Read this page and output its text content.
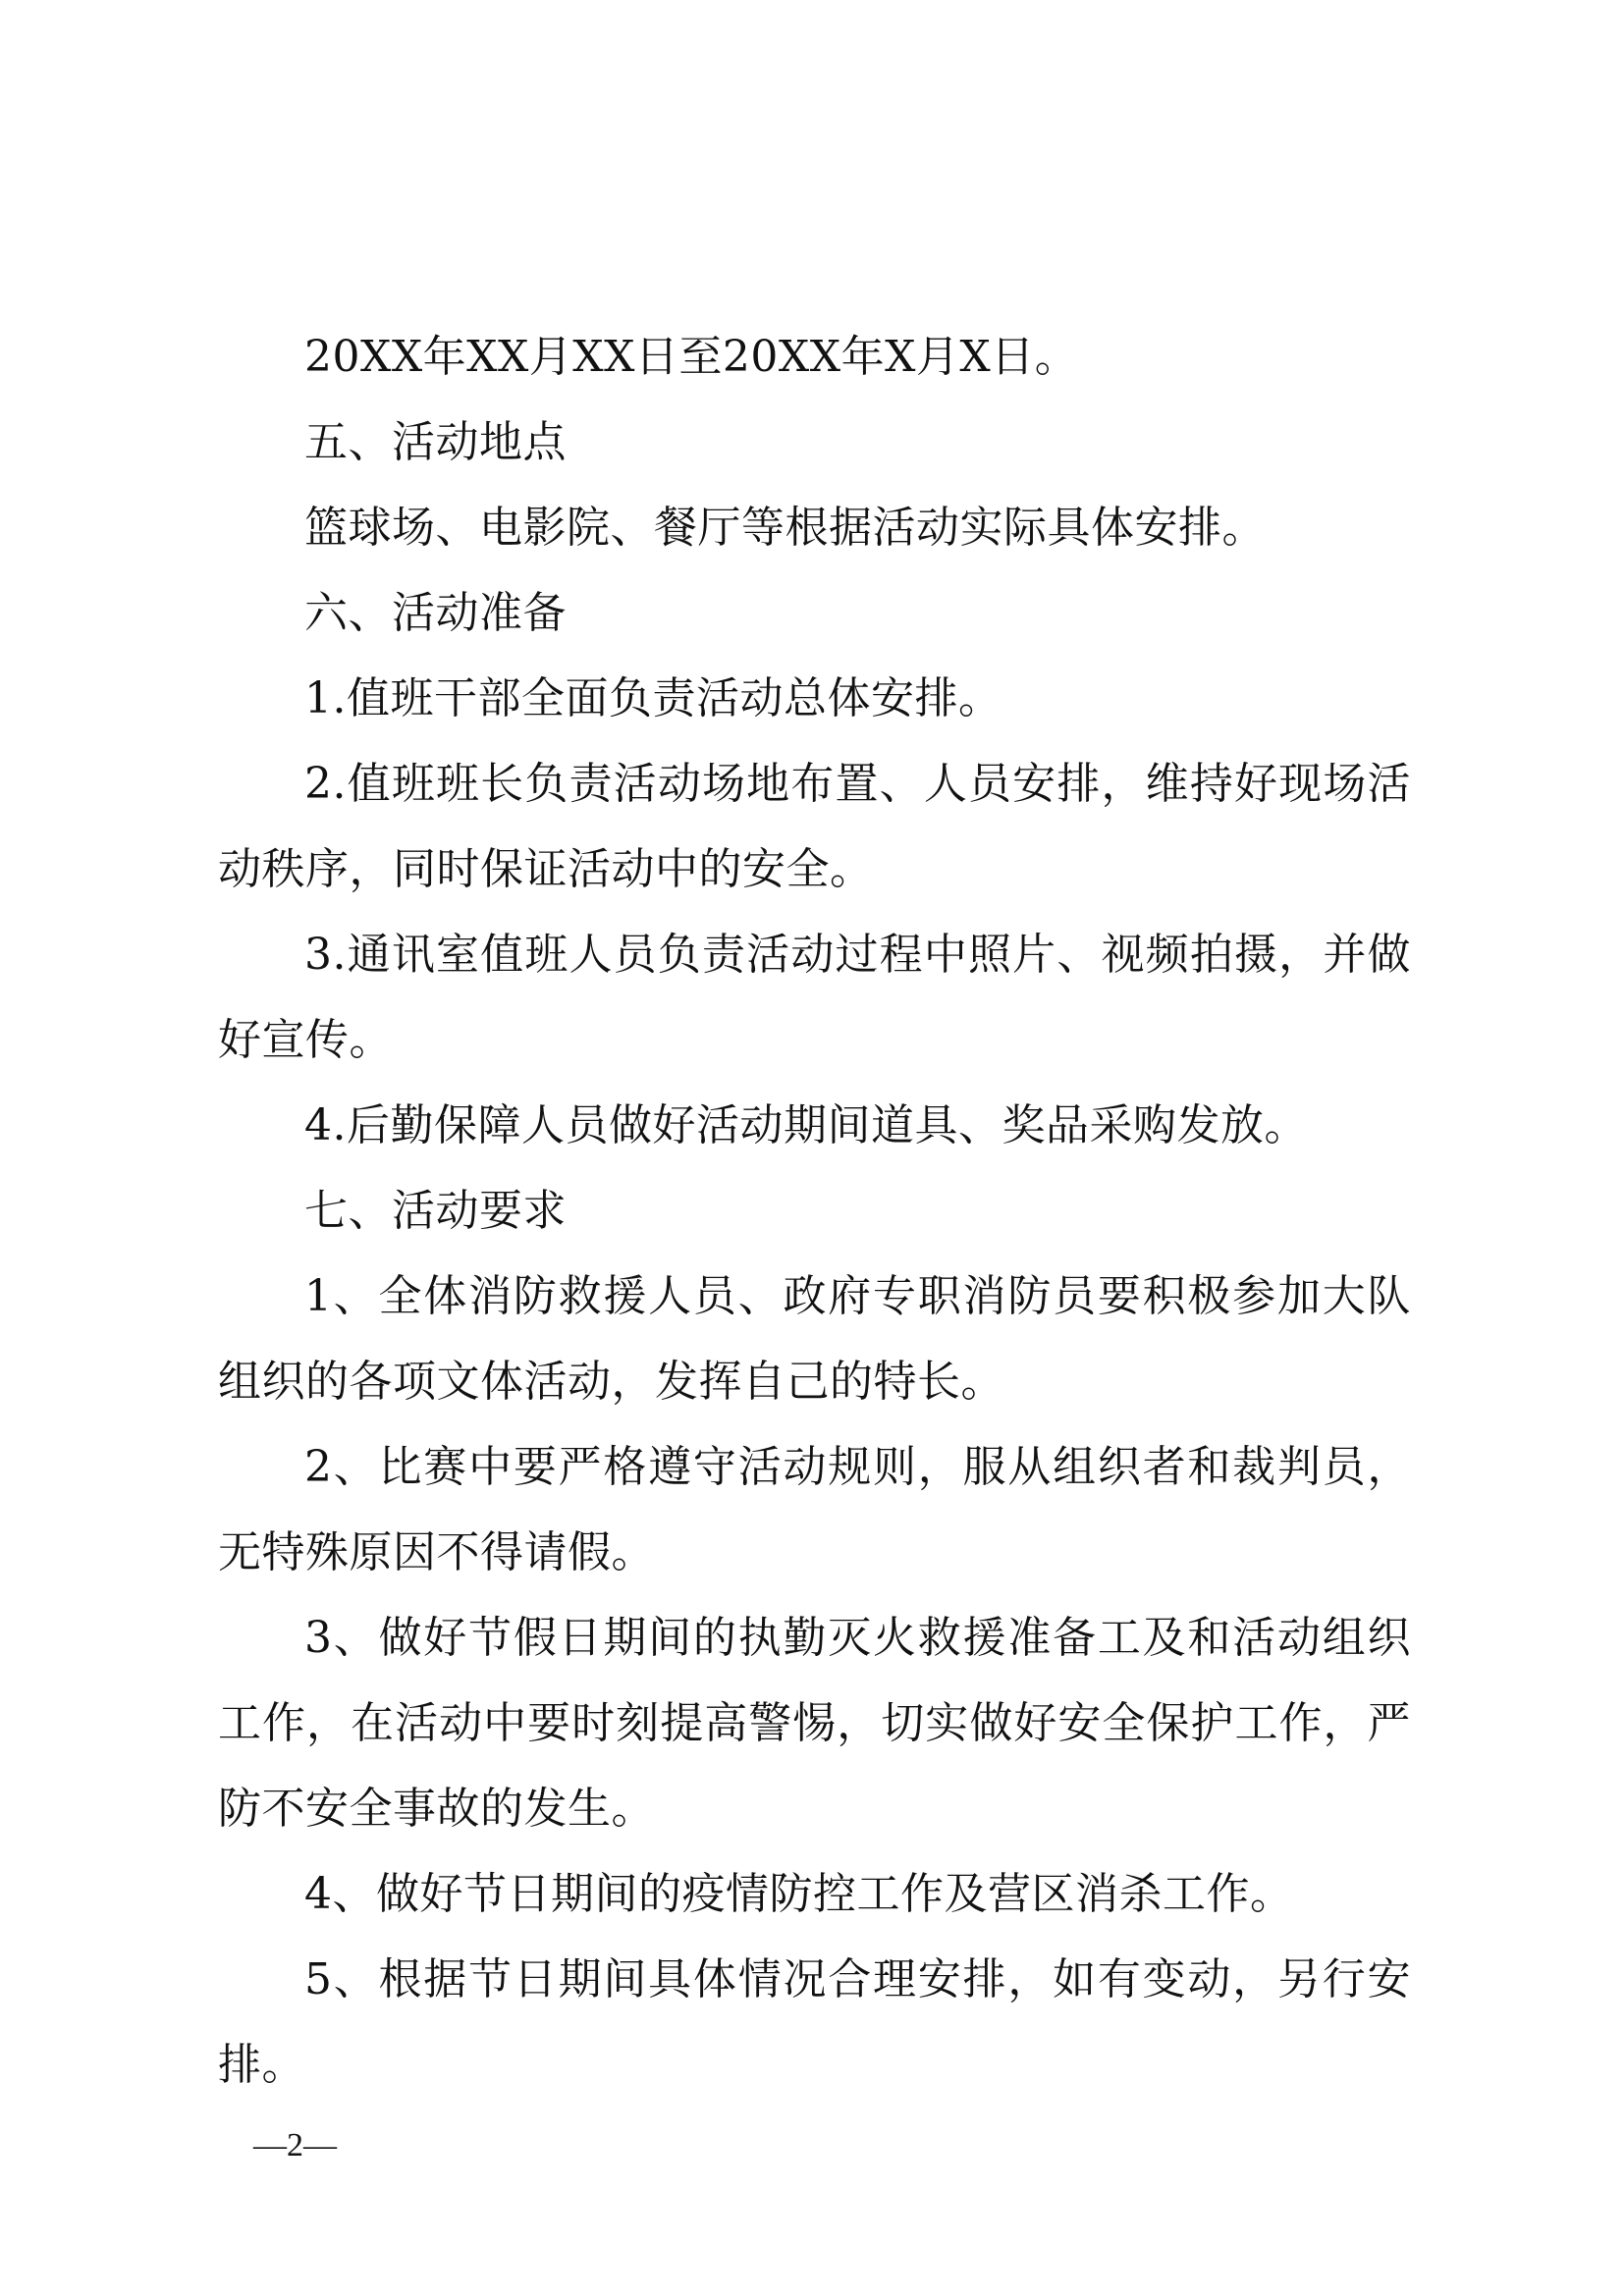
20XX年XX月XX日至20XX年X月X日。

五、活动地点

篮球场、电影院、餐厅等根据活动实际具体安排。

六、活动准备

1.值班干部全面负责活动总体安排。

2.值班班长负责活动场地布置、人员安排，维持好现场活动秩序，同时保证活动中的安全。

3.通讯室值班人员负责活动过程中照片、视频拍摄，并做好宣传。

4.后勤保障人员做好活动期间道具、奖品采购发放。

七、活动要求

1、全体消防救援人员、政府专职消防员要积极参加大队组织的各项文体活动，发挥自己的特长。

2、比赛中要严格遵守活动规则，服从组织者和裁判员，无特殊原因不得请假。

3、做好节假日期间的执勤灭火救援准备工及和活动组织工作，在活动中要时刻提高警惕，切实做好安全保护工作，严防不安全事故的发生。

4、做好节日期间的疫情防控工作及营区消杀工作。

5、根据节日期间具体情况合理安排，如有变动，另行安排。

—2—
